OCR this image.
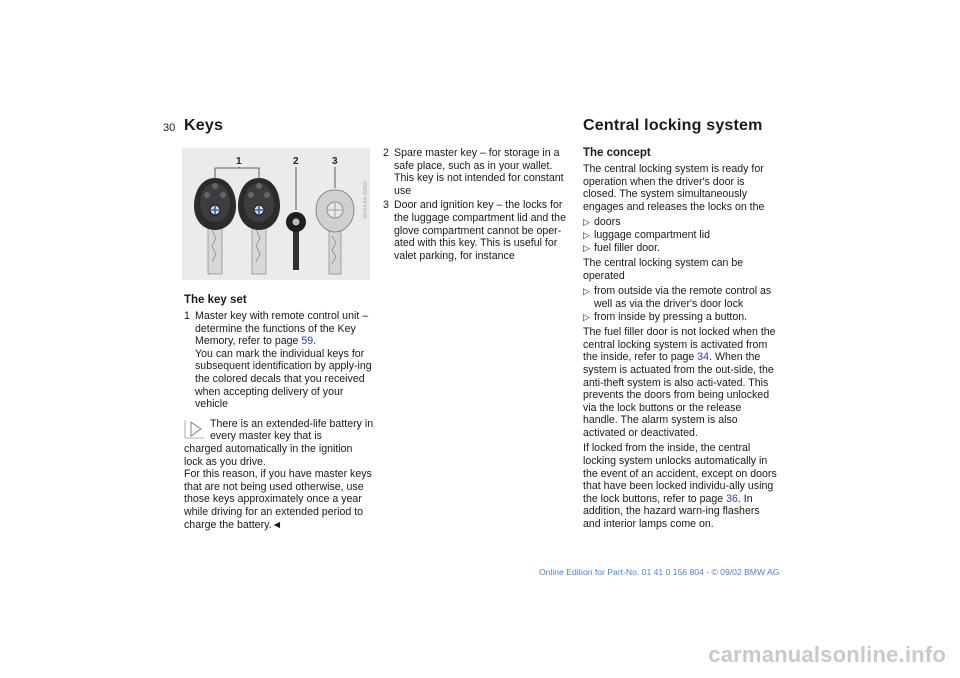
30 Keys	Central locking system
1	2	3
MV04.AA.15A50
The key set
1 Master key with remote control unit – determine the functions of the Key Memory, refer to page 59.
You can mark the individual keys for subsequent identification by apply-ing the colored decals that you received when accepting delivery of your vehicle
There is an extended-life battery in every master key that is
charged automatically in the ignition lock as you drive.
For this reason, if you have master keys that are not being used otherwise, use those keys approximately once a year while driving for an extended period to charge the battery.◄
2 Spare master key – for storage in a safe place, such as in your wallet. This key is not intended for constant use
3 Door and ignition key – the locks for the luggage compartment lid and the glove compartment cannot be oper-ated with this key. This is useful for valet parking, for instance
The concept

The central locking system is ready for operation when the driver's door is closed. The system simultaneously engages and releases the locks on the

▷ doors
▷ luggage compartment lid
▷ fuel filler door.

The central locking system can be operated

▷ from outside via the remote control as well as via the driver's door lock
▷ from inside by pressing a button.

The fuel filler door is not locked when the central locking system is activated from the inside, refer to page 34. When the system is actuated from the out-side, the anti-theft system is also acti-vated. This prevents the doors from being unlocked via the lock buttons or the release handle. The alarm system is also activated or deactivated.

If locked from the inside, the central locking system unlocks automatically in the event of an accident, except on doors that have been locked individu-ally using the lock buttons, refer to page 36. In addition, the hazard warn-ing flashers and interior lamps come on.

Online Edition for Part-No. 01 41 0 156 804 - © 09/02 BMW AG
carmanualsonline.info
